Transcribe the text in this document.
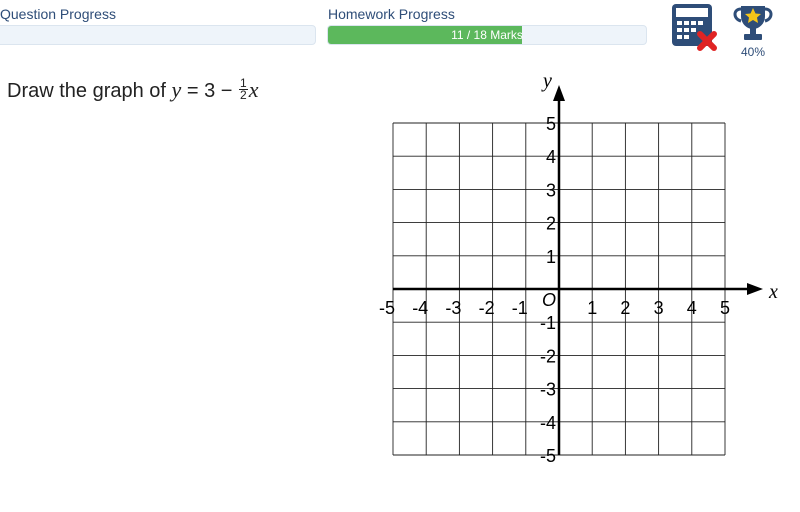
Question Progress	Homework Progress
11 / 18 Marks
40%
Draw the graph of $y = 3 - \frac{1}{2}$ x
x
y
O
-5 -4 -3 -2 -1	1 2 3 4 5
5
4
3
2
1
-1
-2
-3
-4
-5
